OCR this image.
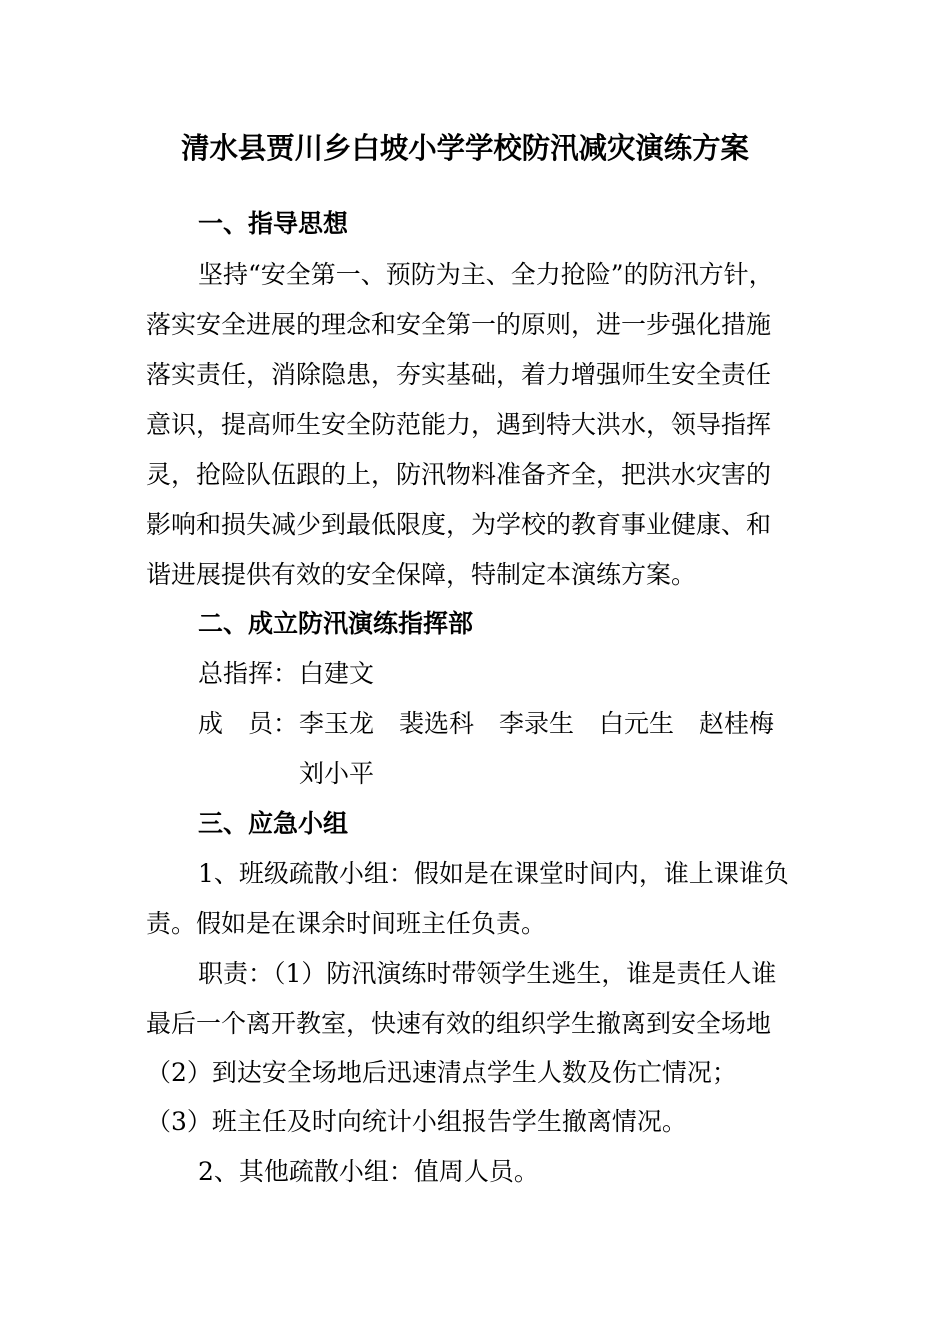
清水县贾川乡白坡小学学校防汛减灾演练方案
一、指导思想
坚持“安全第一、预防为主、全力抢险”的防汛方针，
落实安全进展的理念和安全第一的原则，进一步强化措施
落实责任，消除隐患，夯实基础，着力增强师生安全责任
意识，提高师生安全防范能力，遇到特大洪水，领导指挥
灵，抢险队伍跟的上，防汛物料准备齐全，把洪水灾害的
影响和损失减少到最低限度，为学校的教育事业健康、和
谐进展提供有效的安全保障，特制定本演练方案。
二、成立防汛演练指挥部
总指挥： 白建文
成　员： 李玉龙　裴选科　李录生　白元生　赵桂梅
刘小平
三、应急小组
1、班级疏散小组：假如是在课堂时间内，谁上课谁负
责。假如是在课余时间班主任负责。
职责：（1）防汛演练时带领学生逃生，谁是责任人谁
最后一个离开教室，快速有效的组织学生撤离到安全场地
（2）到达安全场地后迅速清点学生人数及伤亡情况；
（3）班主任及时向统计小组报告学生撤离情况。
2、其他疏散小组：值周人员。
